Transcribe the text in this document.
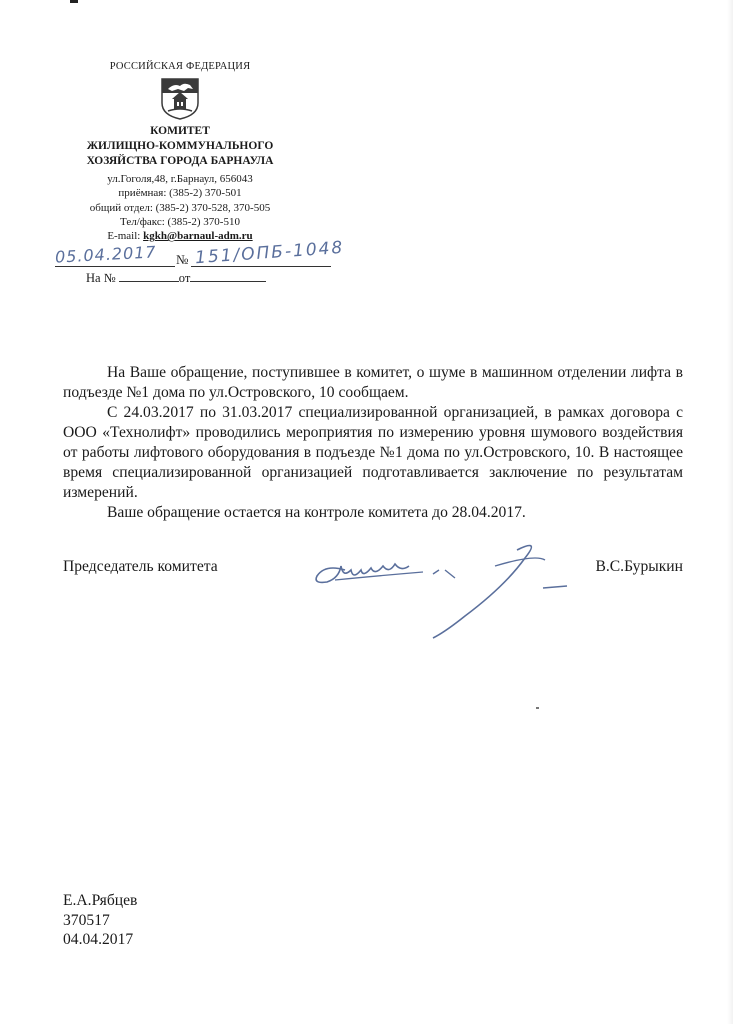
РОССИЙСКАЯ ФЕДЕРАЦИЯ
КОМИТЕТ
ЖИЛИЩНО-КОММУНАЛЬНОГО
ХОЗЯЙСТВА ГОРОДА БАРНАУЛА
ул.Гоголя,48, г.Барнаул, 656043
приёмная: (385-2) 370-501
общий отдел: (385-2) 370-528, 370-505
Тел/факс: (385-2) 370-510
E-mail: kgkh@barnaul-adm.ru
05.04.2017 № 151/ОПБ-1048
На №	от

На Ваше обращение, поступившее в комитет, о шуме в машинном отделении лифта в подъезде №1 дома по ул.Островского, 10 сообщаем.

С 24.03.2017 по 31.03.2017 специализированной организацией, в рамках договора с ООО «Технолифт» проводились мероприятия по измерению уровня шумового воздействия от работы лифтового оборудования в подъезде №1 дома по ул.Островского, 10. В настоящее время специализированной организацией подготавливается заключение по результатам измерений.

Ваше обращение остается на контроле комитета до 28.04.2017.

Председатель комитета	В.С.Бурыкин
Е.А.Рябцев
370517
04.04.2017
